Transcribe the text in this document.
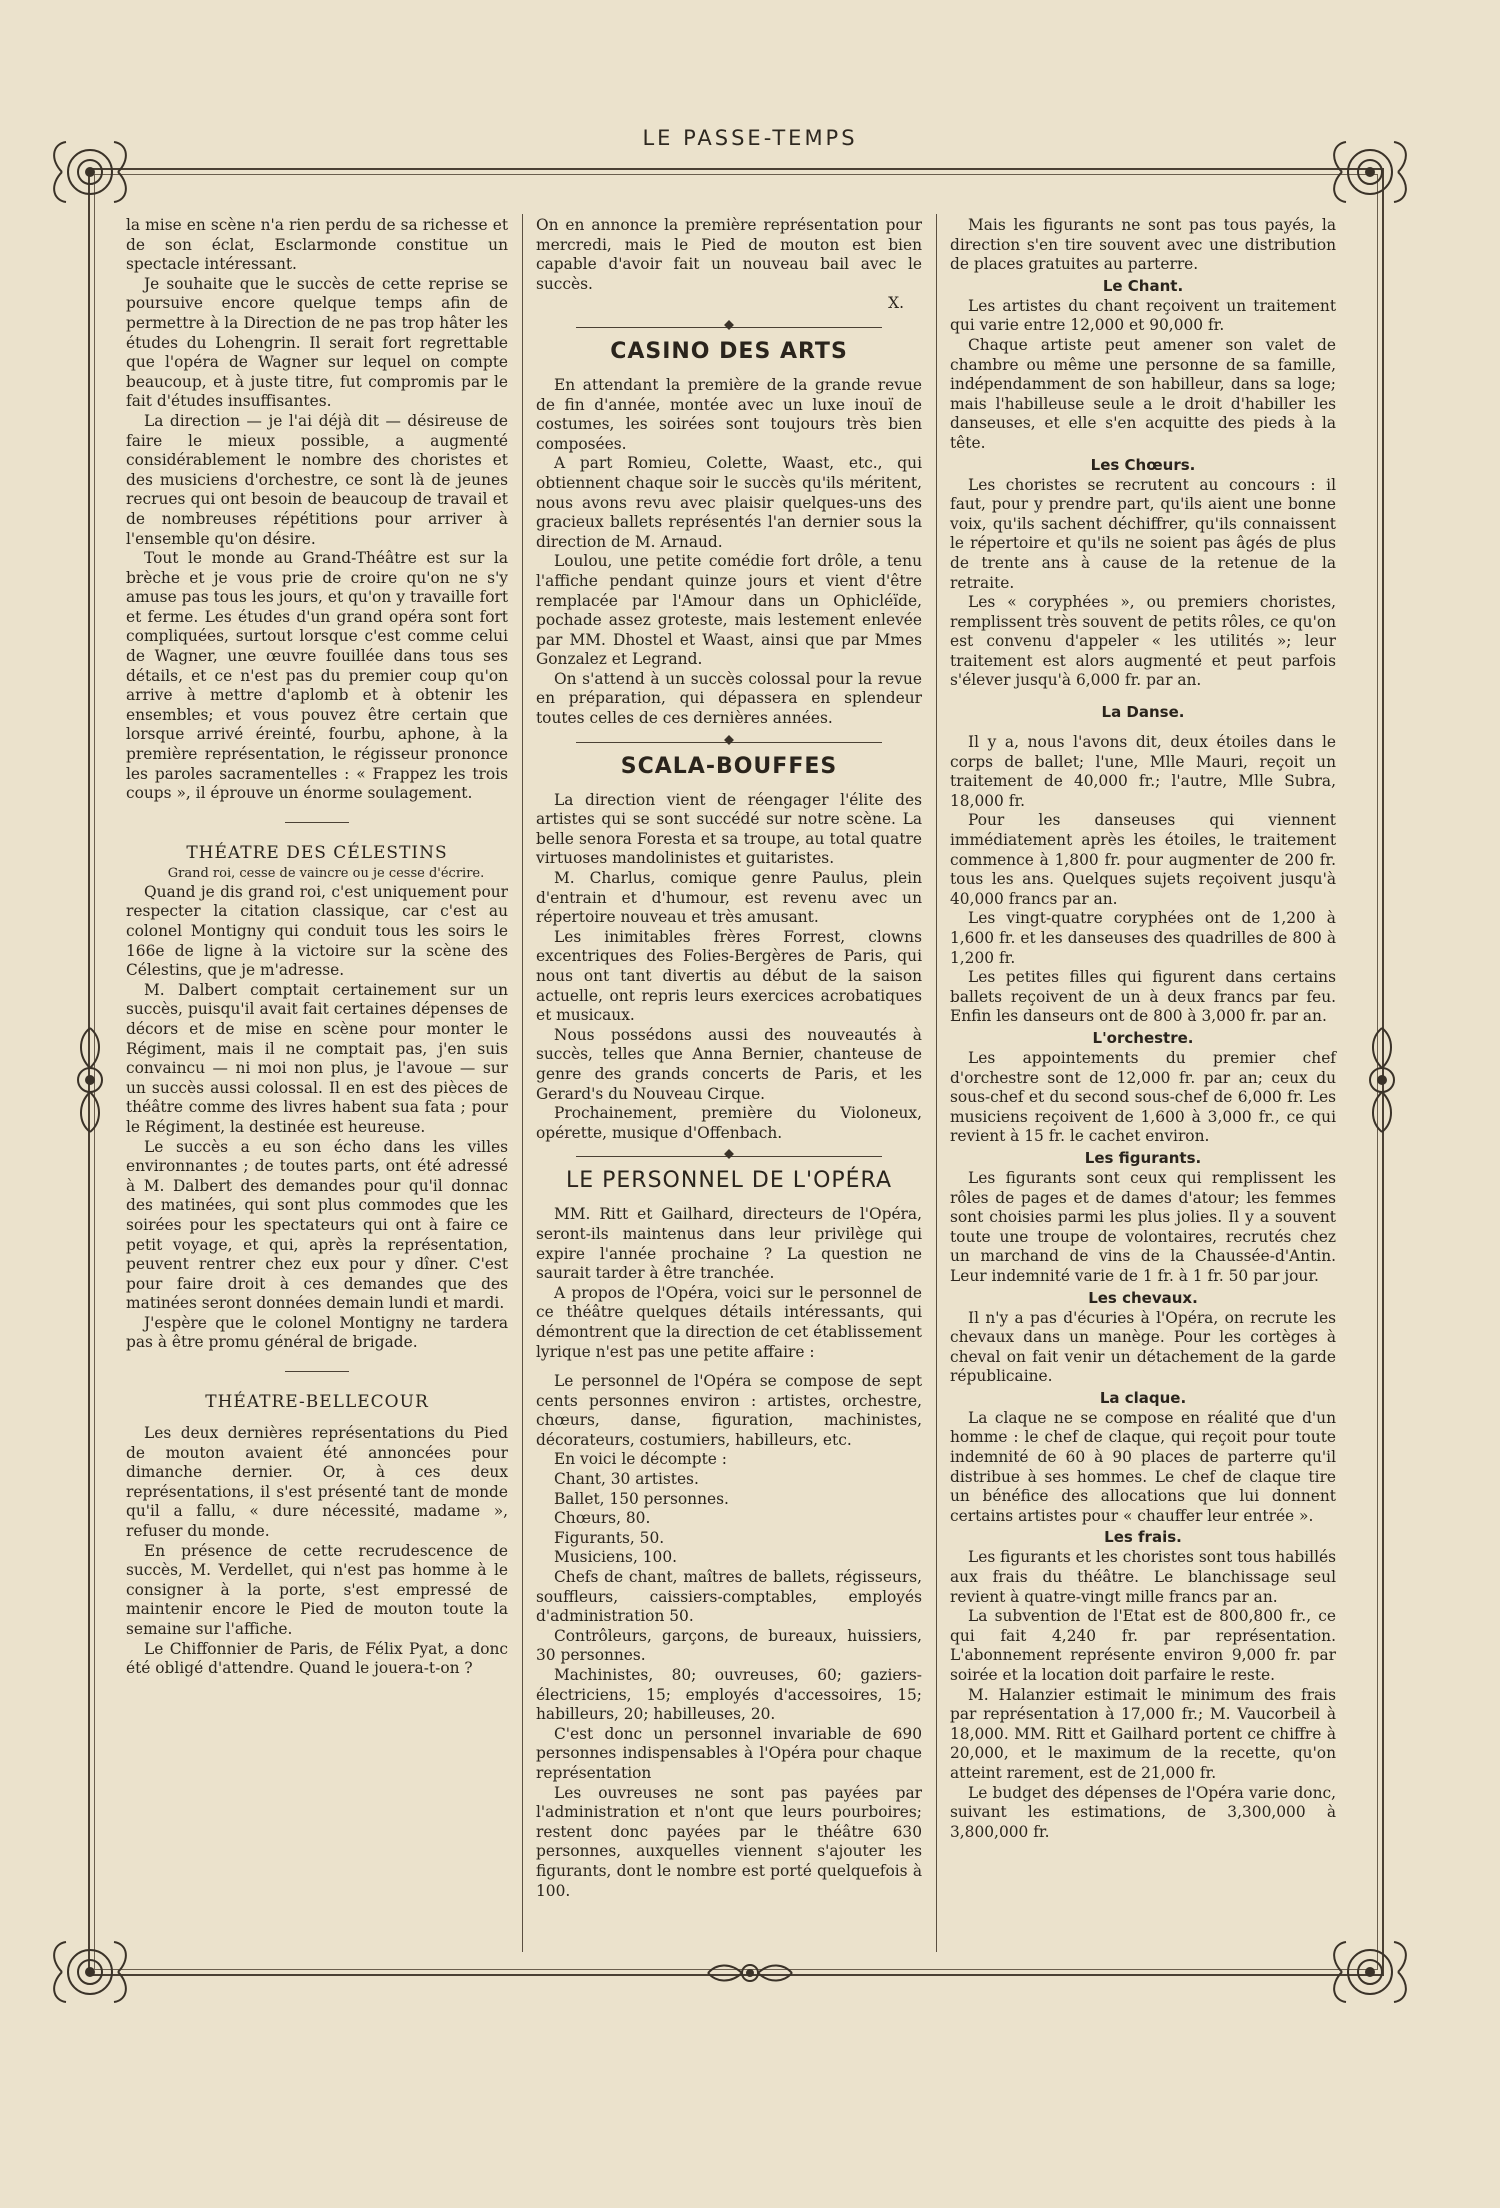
LE PASSE-TEMPS

la mise en scène n'a rien perdu de sa richesse et de son éclat, Esclarmonde constitue un spectacle intéressant.

Je souhaite que le succès de cette reprise se poursuive encore quelque temps afin de permettre à la Direction de ne pas trop hâter les études du Lohengrin. Il serait fort regrettable que l'opéra de Wagner sur lequel on compte beaucoup, et à juste titre, fut compromis par le fait d'études insuffisantes.

La direction — je l'ai déjà dit — désireuse de faire le mieux possible, a augmenté considérablement le nombre des choristes et des musiciens d'orchestre, ce sont là de jeunes recrues qui ont besoin de beaucoup de travail et de nombreuses répétitions pour arriver à l'ensemble qu'on désire.

Tout le monde au Grand-Théâtre est sur la brèche et je vous prie de croire qu'on ne s'y amuse pas tous les jours, et qu'on y travaille fort et ferme. Les études d'un grand opéra sont fort compliquées, surtout lorsque c'est comme celui de Wagner, une œuvre fouillée dans tous ses détails, et ce n'est pas du premier coup qu'on arrive à mettre d'aplomb et à obtenir les ensembles; et vous pouvez être certain que lorsque arrivé éreinté, fourbu, aphone, à la première représentation, le régisseur prononce les paroles sacramentelles : « Frappez les trois coups », il éprouve un énorme soulagement.

THÉATRE DES CÉLESTINS

Grand roi, cesse de vaincre ou je cesse d'écrire.

Quand je dis grand roi, c'est uniquement pour respecter la citation classique, car c'est au colonel Montigny qui conduit tous les soirs le 166e de ligne à la victoire sur la scène des Célestins, que je m'adresse.

M. Dalbert comptait certainement sur un succès, puisqu'il avait fait certaines dépenses de décors et de mise en scène pour monter le Régiment, mais il ne comptait pas, j'en suis convaincu — ni moi non plus, je l'avoue — sur un succès aussi colossal. Il en est des pièces de théâtre comme des livres habent sua fata ; pour le Régiment, la destinée est heureuse.

Le succès a eu son écho dans les villes environnantes ; de toutes parts, ont été adressé à M. Dalbert des demandes pour qu'il donnac des matinées, qui sont plus commodes que les soirées pour les spectateurs qui ont à faire ce petit voyage, et qui, après la représentation, peuvent rentrer chez eux pour y dîner. C'est pour faire droit à ces demandes que des matinées seront données demain lundi et mardi.

J'espère que le colonel Montigny ne tardera pas à être promu général de brigade.

THÉATRE-BELLECOUR

Les deux dernières représentations du Pied de mouton avaient été annoncées pour dimanche dernier. Or, à ces deux représentations, il s'est présenté tant de monde qu'il a fallu, « dure nécessité, madame », refuser du monde.

En présence de cette recrudescence de succès, M. Verdellet, qui n'est pas homme à le consigner à la porte, s'est empressé de maintenir encore le Pied de mouton toute la semaine sur l'affiche.

Le Chiffonnier de Paris, de Félix Pyat, a donc été obligé d'attendre. Quand le jouera-t-on ?

On en annonce la première représentation pour mercredi, mais le Pied de mouton est bien capable d'avoir fait un nouveau bail avec le succès.

X.

CASINO DES ARTS

En attendant la première de la grande revue de fin d'année, montée avec un luxe inouï de costumes, les soirées sont toujours très bien composées.

A part Romieu, Colette, Waast, etc., qui obtiennent chaque soir le succès qu'ils méritent, nous avons revu avec plaisir quelques-uns des gracieux ballets représentés l'an dernier sous la direction de M. Arnaud.

Loulou, une petite comédie fort drôle, a tenu l'affiche pendant quinze jours et vient d'être remplacée par l'Amour dans un Ophicléïde, pochade assez groteste, mais lestement enlevée par MM. Dhostel et Waast, ainsi que par Mmes Gonzalez et Legrand.

On s'attend à un succès colossal pour la revue en préparation, qui dépassera en splendeur toutes celles de ces dernières années.

SCALA-BOUFFES

La direction vient de réengager l'élite des artistes qui se sont succédé sur notre scène. La belle senora Foresta et sa troupe, au total quatre virtuoses mandolinistes et guitaristes.

M. Charlus, comique genre Paulus, plein d'entrain et d'humour, est revenu avec un répertoire nouveau et très amusant.

Les inimitables frères Forrest, clowns excentriques des Folies-Bergères de Paris, qui nous ont tant divertis au début de la saison actuelle, ont repris leurs exercices acrobatiques et musicaux.

Nous possédons aussi des nouveautés à succès, telles que Anna Bernier, chanteuse de genre des grands concerts de Paris, et les Gerard's du Nouveau Cirque.

Prochainement, première du Violoneux, opérette, musique d'Offenbach.

LE PERSONNEL DE L'OPÉRA

MM. Ritt et Gailhard, directeurs de l'Opéra, seront-ils maintenus dans leur privilège qui expire l'année prochaine ? La question ne saurait tarder à être tranchée.

A propos de l'Opéra, voici sur le personnel de ce théâtre quelques détails intéressants, qui démontrent que la direction de cet établissement lyrique n'est pas une petite affaire :

Le personnel de l'Opéra se compose de sept cents personnes environ : artistes, orchestre, chœurs, danse, figuration, machinistes, décorateurs, costumiers, habilleurs, etc.

En voici le décompte :

Chant, 30 artistes.

Ballet, 150 personnes.

Chœurs, 80.

Figurants, 50.

Musiciens, 100.

Chefs de chant, maîtres de ballets, régisseurs, souffleurs, caissiers-comptables, employés d'administration 50.

Contrôleurs, garçons, de bureaux, huissiers, 30 personnes.

Machinistes, 80; ouvreuses, 60; gaziers-électriciens, 15; employés d'accessoires, 15; habilleurs, 20; habilleuses, 20.

C'est donc un personnel invariable de 690 personnes indispensables à l'Opéra pour chaque représentation

Les ouvreuses ne sont pas payées par l'administration et n'ont que leurs pourboires; restent donc payées par le théâtre 630 personnes, auxquelles viennent s'ajouter les figurants, dont le nombre est porté quelquefois à 100.

Mais les figurants ne sont pas tous payés, la direction s'en tire souvent avec une distribution de places gratuites au parterre.

Le Chant.

Les artistes du chant reçoivent un traitement qui varie entre 12,000 et 90,000 fr.

Chaque artiste peut amener son valet de chambre ou même une personne de sa famille, indépendamment de son habilleur, dans sa loge; mais l'habilleuse seule a le droit d'habiller les danseuses, et elle s'en acquitte des pieds à la tête.

Les Chœurs.

Les choristes se recrutent au concours : il faut, pour y prendre part, qu'ils aient une bonne voix, qu'ils sachent déchiffrer, qu'ils connaissent le répertoire et qu'ils ne soient pas âgés de plus de trente ans à cause de la retenue de la retraite.

Les « coryphées », ou premiers choristes, remplissent très souvent de petits rôles, ce qu'on est convenu d'appeler « les utilités »; leur traitement est alors augmenté et peut parfois s'élever jusqu'à 6,000 fr. par an.

La Danse.

Il y a, nous l'avons dit, deux étoiles dans le corps de ballet; l'une, Mlle Mauri, reçoit un traitement de 40,000 fr.; l'autre, Mlle Subra, 18,000 fr.

Pour les danseuses qui viennent immédiatement après les étoiles, le traitement commence à 1,800 fr. pour augmenter de 200 fr. tous les ans. Quelques sujets reçoivent jusqu'à 40,000 francs par an.

Les vingt-quatre coryphées ont de 1,200 à 1,600 fr. et les danseuses des quadrilles de 800 à 1,200 fr.

Les petites filles qui figurent dans certains ballets reçoivent de un à deux francs par feu. Enfin les danseurs ont de 800 à 3,000 fr. par an.

L'orchestre.

Les appointements du premier chef d'orchestre sont de 12,000 fr. par an; ceux du sous-chef et du second sous-chef de 6,000 fr. Les musiciens reçoivent de 1,600 à 3,000 fr., ce qui revient à 15 fr. le cachet environ.

Les figurants.

Les figurants sont ceux qui remplissent les rôles de pages et de dames d'atour; les femmes sont choisies parmi les plus jolies. Il y a souvent toute une troupe de volontaires, recrutés chez un marchand de vins de la Chaussée-d'Antin. Leur indemnité varie de 1 fr. à 1 fr. 50 par jour.

Les chevaux.

Il n'y a pas d'écuries à l'Opéra, on recrute les chevaux dans un manège. Pour les cortèges à cheval on fait venir un détachement de la garde républicaine.

La claque.

La claque ne se compose en réalité que d'un homme : le chef de claque, qui reçoit pour toute indemnité de 60 à 90 places de parterre qu'il distribue à ses hommes. Le chef de claque tire un bénéfice des allocations que lui donnent certains artistes pour « chauffer leur entrée ».

Les frais.

Les figurants et les choristes sont tous habillés aux frais du théâtre. Le blanchissage seul revient à quatre-vingt mille francs par an.

La subvention de l'Etat est de 800,800 fr., ce qui fait 4,240 fr. par représentation. L'abonnement représente environ 9,000 fr. par soirée et la location doit parfaire le reste.

M. Halanzier estimait le minimum des frais par représentation à 17,000 fr.; M. Vaucorbeil à 18,000. MM. Ritt et Gailhard portent ce chiffre à 20,000, et le maximum de la recette, qu'on atteint rarement, est de 21,000 fr.

Le budget des dépenses de l'Opéra varie donc, suivant les estimations, de 3,300,000 à 3,800,000 fr.
